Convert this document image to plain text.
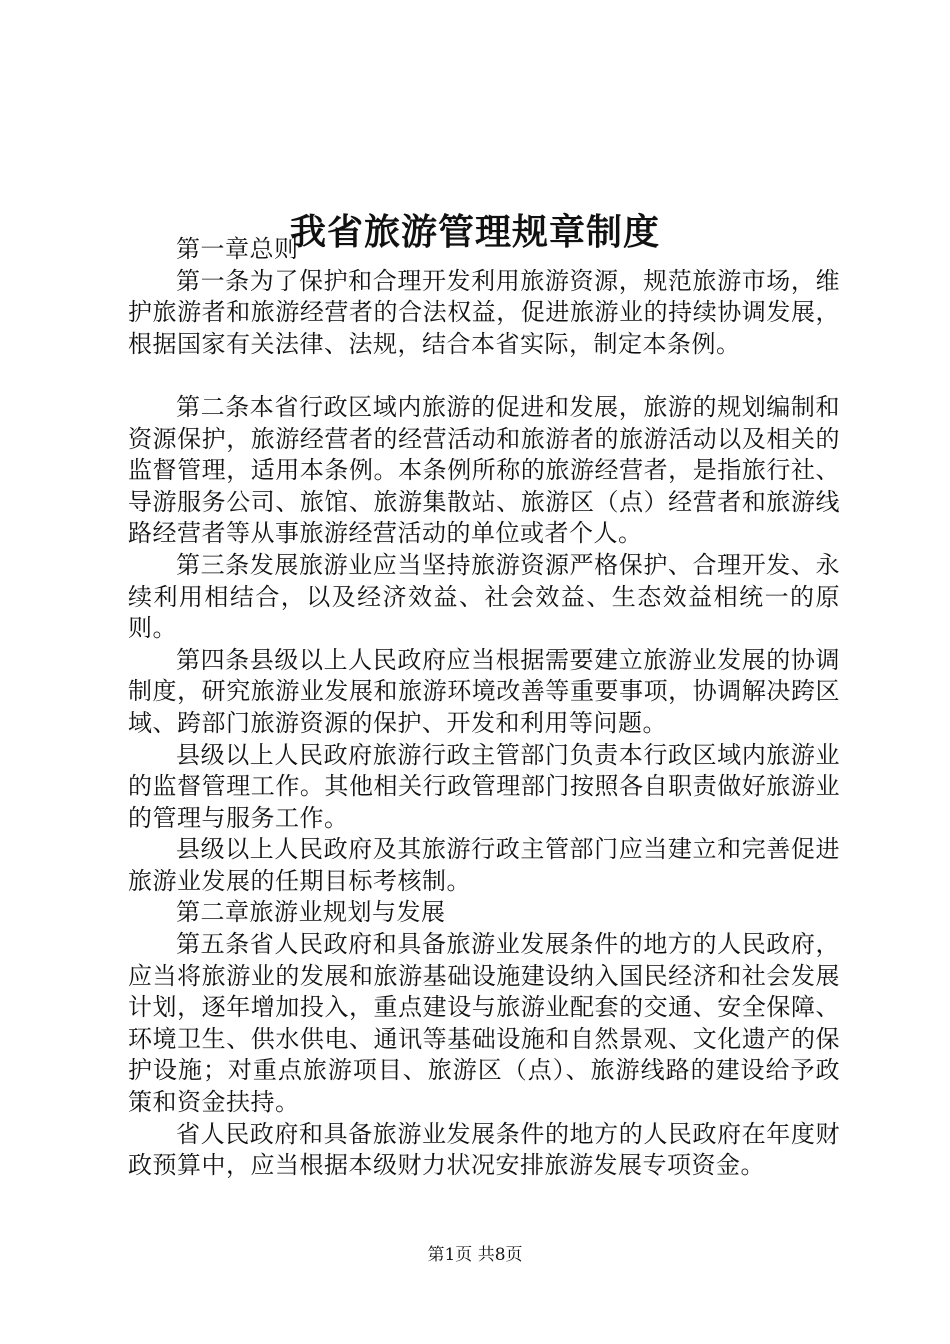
我省旅游管理规章制度

第一章总则

第一条为了保护和合理开发利用旅游资源，规范旅游市场，维护旅游者和旅游经营者的合法权益，促进旅游业的持续协调发展，根据国家有关法律、法规，结合本省实际，制定本条例。

第二条本省行政区域内旅游的促进和发展，旅游的规划编制和资源保护，旅游经营者的经营活动和旅游者的旅游活动以及相关的监督管理，适用本条例。本条例所称的旅游经营者，是指旅行社、导游服务公司、旅馆、旅游集散站、旅游区（点）经营者和旅游线路经营者等从事旅游经营活动的单位或者个人。

第三条发展旅游业应当坚持旅游资源严格保护、合理开发、永续利用相结合，以及经济效益、社会效益、生态效益相统一的原则。

第四条县级以上人民政府应当根据需要建立旅游业发展的协调制度，研究旅游业发展和旅游环境改善等重要事项，协调解决跨区域、跨部门旅游资源的保护、开发和利用等问题。

县级以上人民政府旅游行政主管部门负责本行政区域内旅游业的监督管理工作。其他相关行政管理部门按照各自职责做好旅游业的管理与服务工作。

县级以上人民政府及其旅游行政主管部门应当建立和完善促进旅游业发展的任期目标考核制。

第二章旅游业规划与发展

第五条省人民政府和具备旅游业发展条件的地方的人民政府，应当将旅游业的发展和旅游基础设施建设纳入国民经济和社会发展计划，逐年增加投入，重点建设与旅游业配套的交通、安全保障、环境卫生、供水供电、通讯等基础设施和自然景观、文化遗产的保护设施；对重点旅游项目、旅游区（点）、旅游线路的建设给予政策和资金扶持。

省人民政府和具备旅游业发展条件的地方的人民政府在年度财政预算中，应当根据本级财力状况安排旅游发展专项资金。

第1页 共8页
